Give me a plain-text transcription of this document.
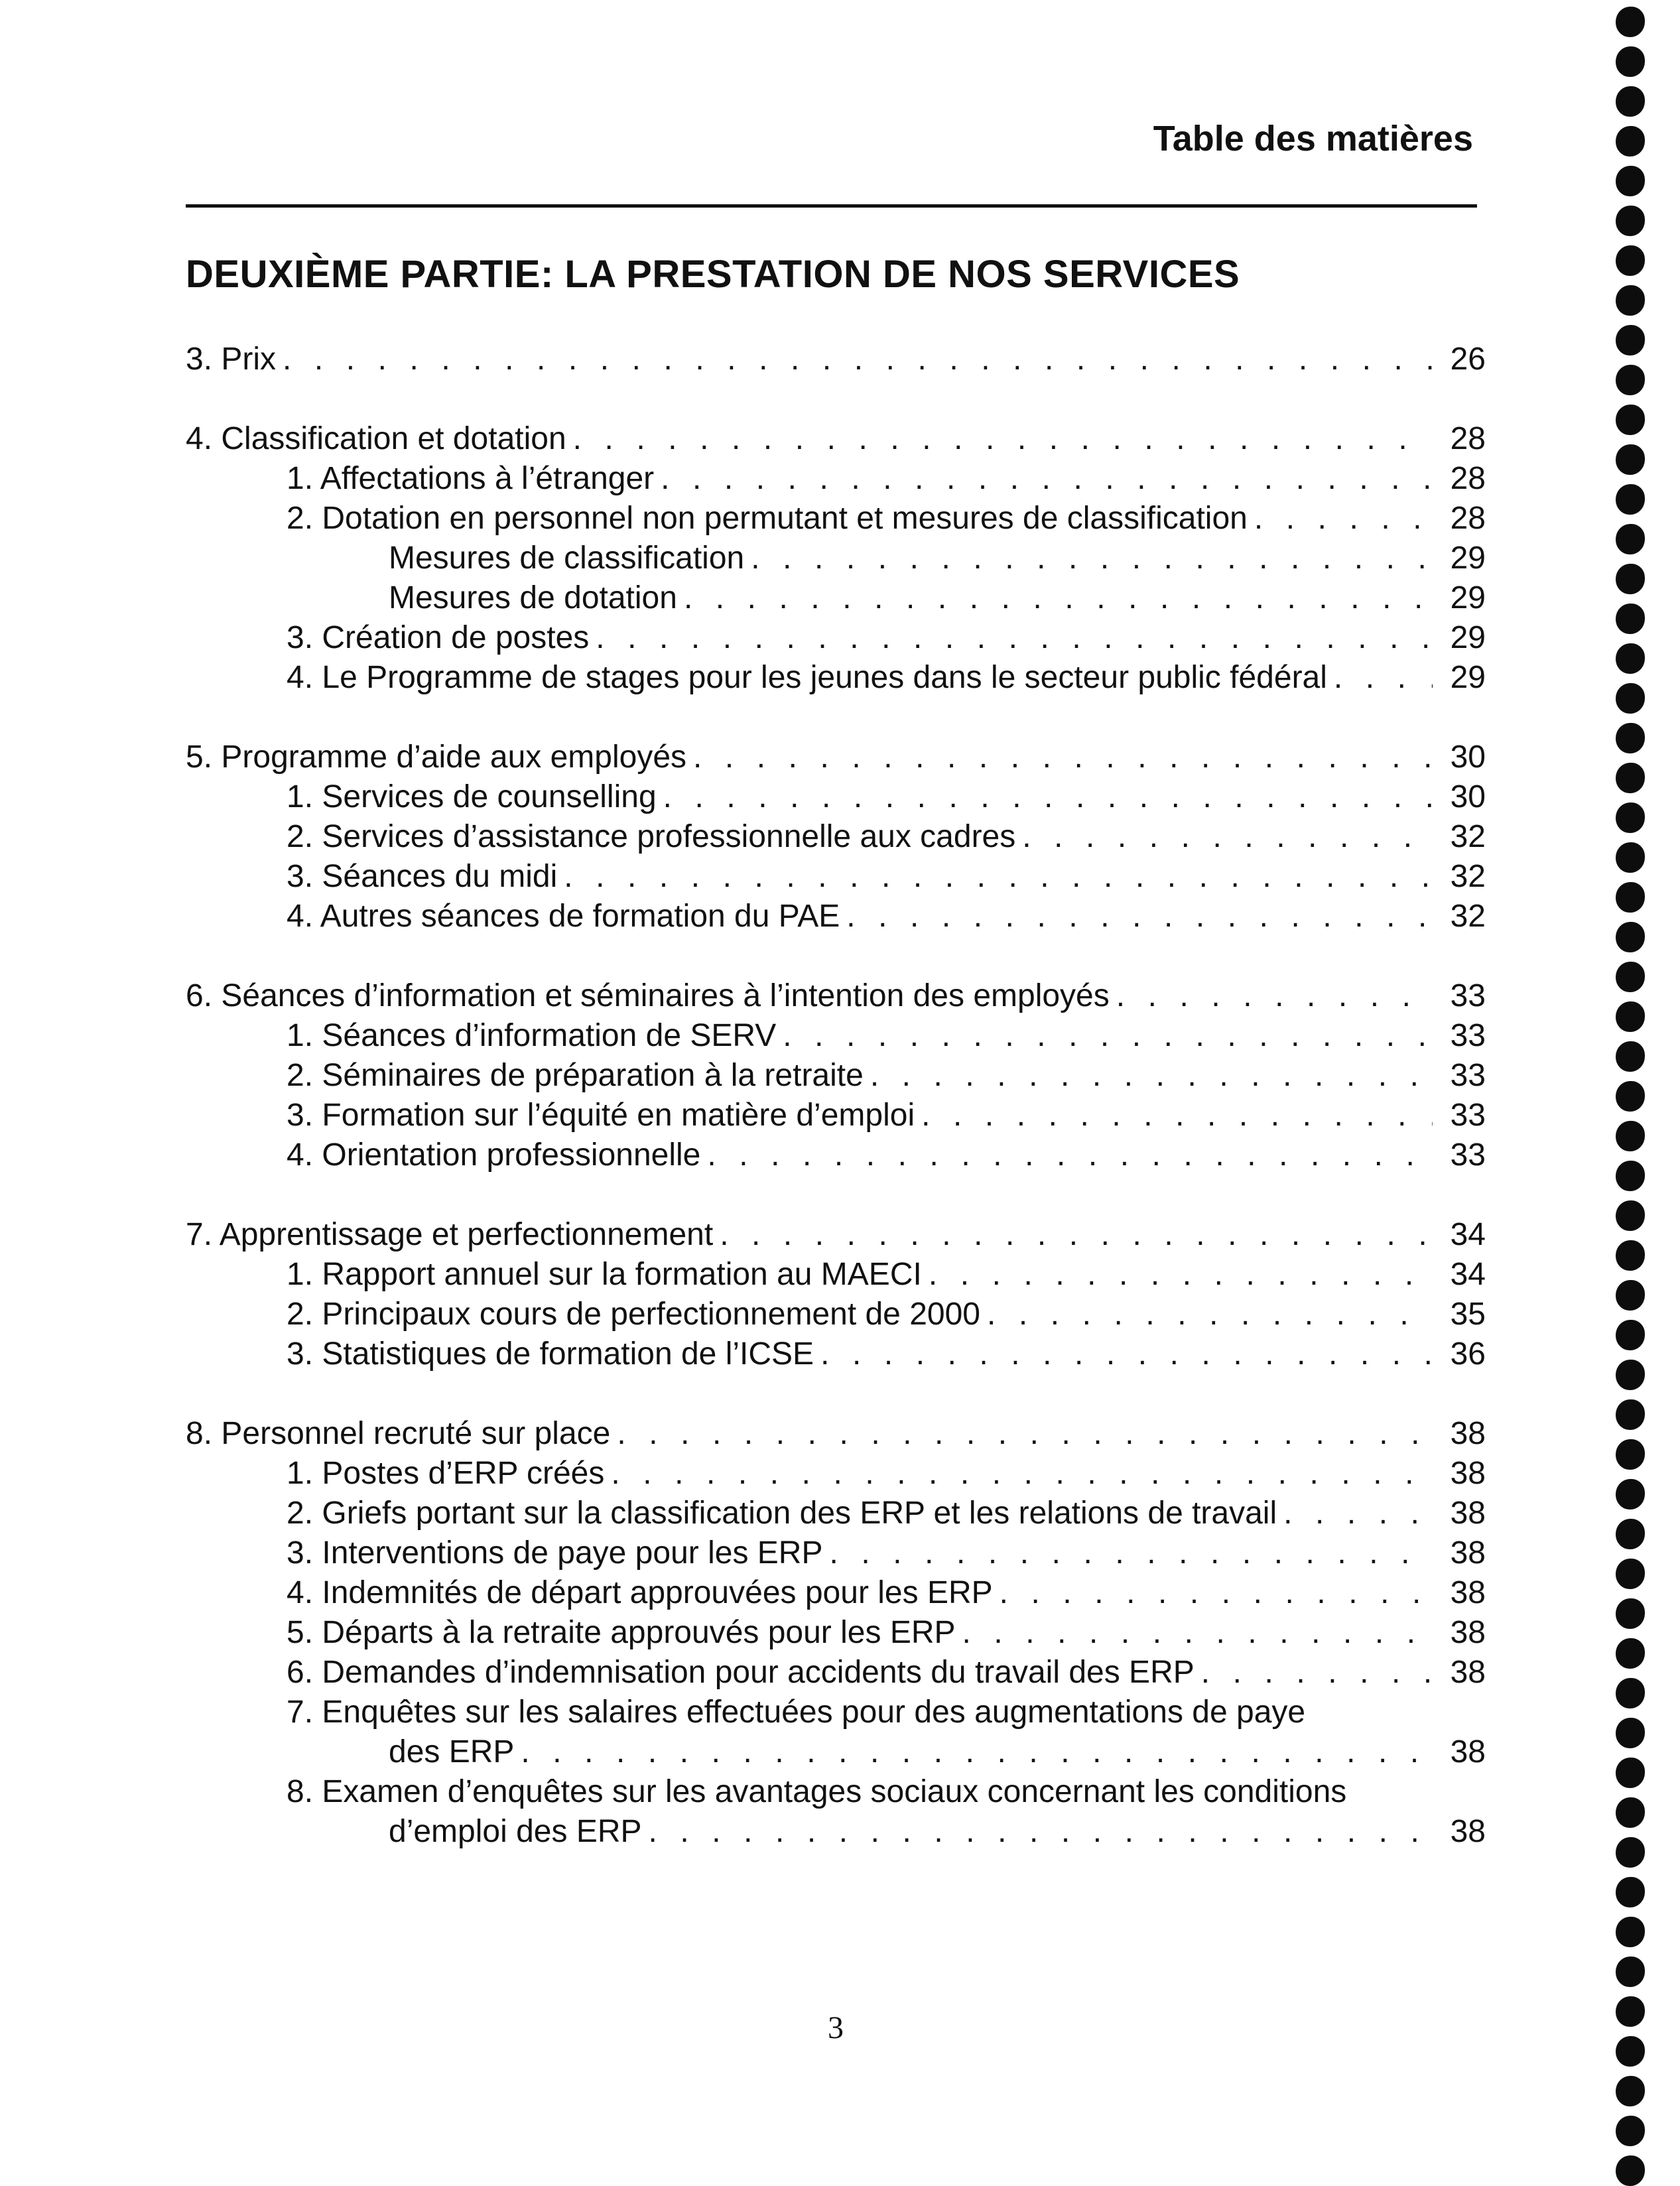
Table des matières
DEUXIÈME PARTIE: LA PRESTATION DE NOS SERVICES
3. Prix . . .	26
4. Classification et dotation . . .	28
1. Affectations à l’étranger . . .	28
2. Dotation en personnel non permutant et mesures de classification . . .	28
Mesures de classification . . .	29
Mesures de dotation . . .	29
3. Création de postes . . .	29
4. Le Programme de stages pour les jeunes dans le secteur public fédéral . . .	29
5. Programme d’aide aux employés . . .	30
1. Services de counselling . . .	30
2. Services d’assistance professionnelle aux cadres . . .	32
3. Séances du midi . . .	32
4. Autres séances de formation du PAE . . .	32
6. Séances d’information et séminaires à l’intention des employés . . .	33
1. Séances d’information de SERV . . .	33
2. Séminaires de préparation à la retraite . . .	33
3. Formation sur l’équité en matière d’emploi . . .	33
4. Orientation professionnelle . . .	33
7. Apprentissage et perfectionnement . . .	34
1. Rapport annuel sur la formation au MAECI . . .	34
2. Principaux cours de perfectionnement de 2000 . . .	35
3. Statistiques de formation de l’ICSE . . .	36
8. Personnel recruté sur place . . .	38
1. Postes d’ERP créés . . .	38
2. Griefs portant sur la classification des ERP et les relations de travail . . .	38
3. Interventions de paye pour les ERP . . .	38
4. Indemnités de départ approuvées pour les ERP . . .	38
5. Départs à la retraite approuvés pour les ERP . . .	38
6. Demandes d’indemnisation pour accidents du travail des ERP . . .	38
7. Enquêtes sur les salaires effectuées pour des augmentations de paye
des ERP . . .	38
8. Examen d’enquêtes sur les avantages sociaux concernant les conditions
d’emploi des ERP . . .	38
3
